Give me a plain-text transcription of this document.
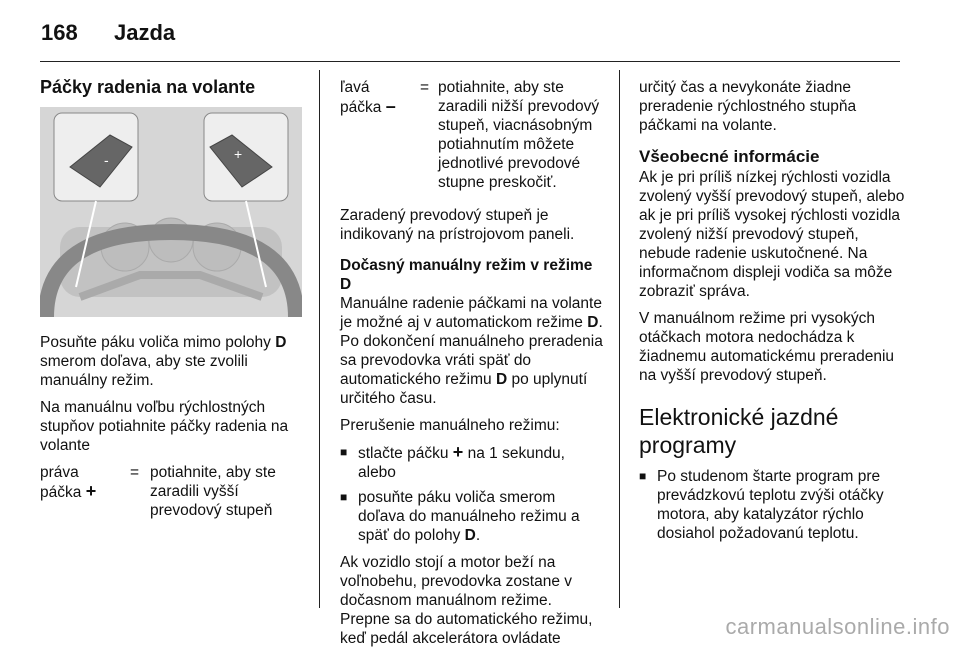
168 Jazda
Páčky radenia na volante
-	+

Posuňte páku voliča mimo polohy D smerom doľava, aby ste zvolili manuálny režim.

Na manuálnu voľbu rýchlostných stupňov potiahnite páčky radenia na volante

práva
páčka +
= potiahnite, aby ste zaradili vyšší prevodový stupeň
ľavá
páčka –
= potiahnite, aby ste zaradili nižší prevodový stupeň, viacnásobným potiahnutím môžete jednotlivé prevodové stupne preskočiť.

Zaradený prevodový stupeň je indikovaný na prístrojovom paneli.

Dočasný manuálny režim v režime D

Manuálne radenie páčkami na volante je možné aj v automatickom režime D. Po dokončení manuálneho preradenia sa prevodovka vráti späť do automatického režimu D po uplynutí určitého času.

Prerušenie manuálneho režimu:

■ stlačte páčku + na 1 sekundu, alebo
■ posuňte páku voliča smerom doľava do manuálneho režimu a späť do polohy D.

Ak vozidlo stojí a motor beží na voľnobehu, prevodovka zostane v dočasnom manuálnom režime. Prepne sa do automatického režimu, keď pedál akcelerátora ovládate

určitý čas a nevykonáte žiadne preradenie rýchlostného stupňa páčkami na volante.

Všeobecné informácie

Ak je pri príliš nízkej rýchlosti vozidla zvolený vyšší prevodový stupeň, alebo ak je pri príliš vysokej rýchlosti vozidla zvolený nižší prevodový stupeň, nebude radenie uskutočnené. Na informačnom displeji vodiča sa môže zobraziť správa.

V manuálnom režime pri vysokých otáčkach motora nedochádza k žiadnemu automatickému preradeniu na vyšší prevodový stupeň.

Elektronické jazdné programy
■ Po studenom štarte program pre prevádzkovú teplotu zvýši otáčky motora, aby katalyzátor rýchlo dosiahol požadovanú teplotu.
carmanualsonline.info
